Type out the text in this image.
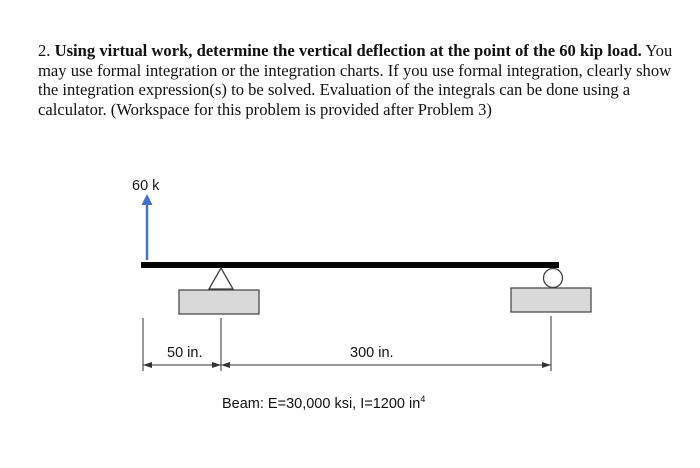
2. Using virtual work, determine the vertical deflection at the point of the 60 kip load. You may use formal integration or the integration charts. If you use formal integration, clearly show the integration expression(s) to be solved. Evaluation of the integrals can be done using a calculator. (Workspace for this problem is provided after Problem 3)

60 k
50 in.	300 in.
Beam: E=30,000 ksi, I=1200 $in^4$
